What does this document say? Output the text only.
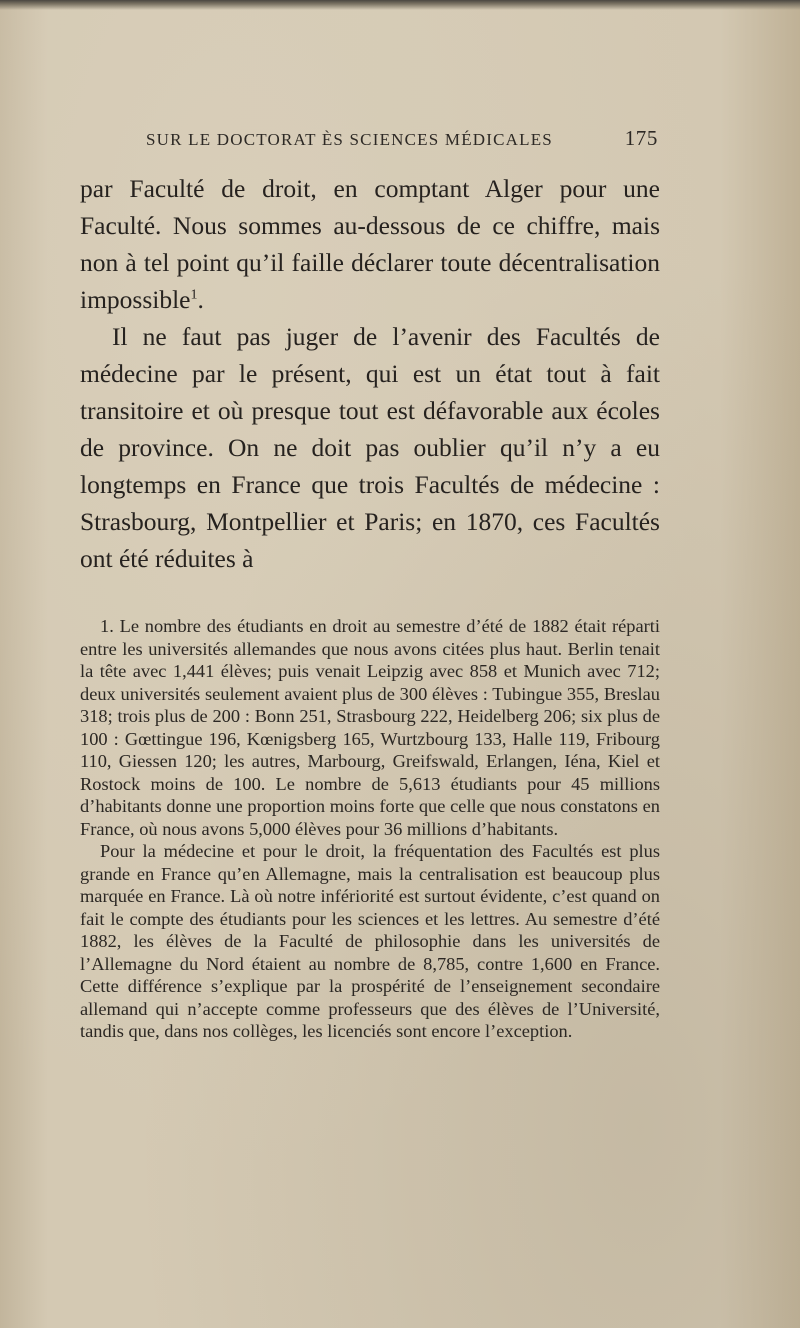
SUR LE DOCTORAT ÈS SCIENCES MÉDICALES	175

par Faculté de droit, en comptant Alger pour une Faculté. Nous sommes au-dessous de ce chiffre, mais non à tel point qu’il faille déclarer toute décentralisation impossible$^1$.

Il ne faut pas juger de l’avenir des Facultés de médecine par le présent, qui est un état tout à fait transitoire et où presque tout est défavorable aux écoles de province. On ne doit pas oublier qu’il n’y a eu longtemps en France que trois Facultés de médecine : Strasbourg, Montpellier et Paris; en 1870, ces Facultés ont été réduites à

1. Le nombre des étudiants en droit au semestre d’été de 1882 était réparti entre les universités allemandes que nous avons citées plus haut. Berlin tenait la tête avec 1,441 élèves; puis venait Leipzig avec 858 et Munich avec 712; deux universités seulement avaient plus de 300 élèves : Tubingue 355, Breslau 318; trois plus de 200 : Bonn 251, Strasbourg 222, Heidelberg 206; six plus de 100 : Gœttingue 196, Kœnigsberg 165, Wurtzbourg 133, Halle 119, Fribourg 110, Giessen 120; les autres, Marbourg, Greifswald, Erlangen, Iéna, Kiel et Rostock moins de 100. Le nombre de 5,613 étudiants pour 45 millions d’habitants donne une proportion moins forte que celle que nous constatons en France, où nous avons 5,000 élèves pour 36 millions d’habitants.

Pour la médecine et pour le droit, la fréquentation des Facultés est plus grande en France qu’en Allemagne, mais la centralisation est beaucoup plus marquée en France. Là où notre infériorité est surtout évidente, c’est quand on fait le compte des étudiants pour les sciences et les lettres. Au semestre d’été 1882, les élèves de la Faculté de philosophie dans les universités de l’Allemagne du Nord étaient au nombre de 8,785, contre 1,600 en France. Cette différence s’explique par la prospérité de l’enseignement secondaire allemand qui n’accepte comme professeurs que des élèves de l’Université, tandis que, dans nos collèges, les licenciés sont encore l’exception.
